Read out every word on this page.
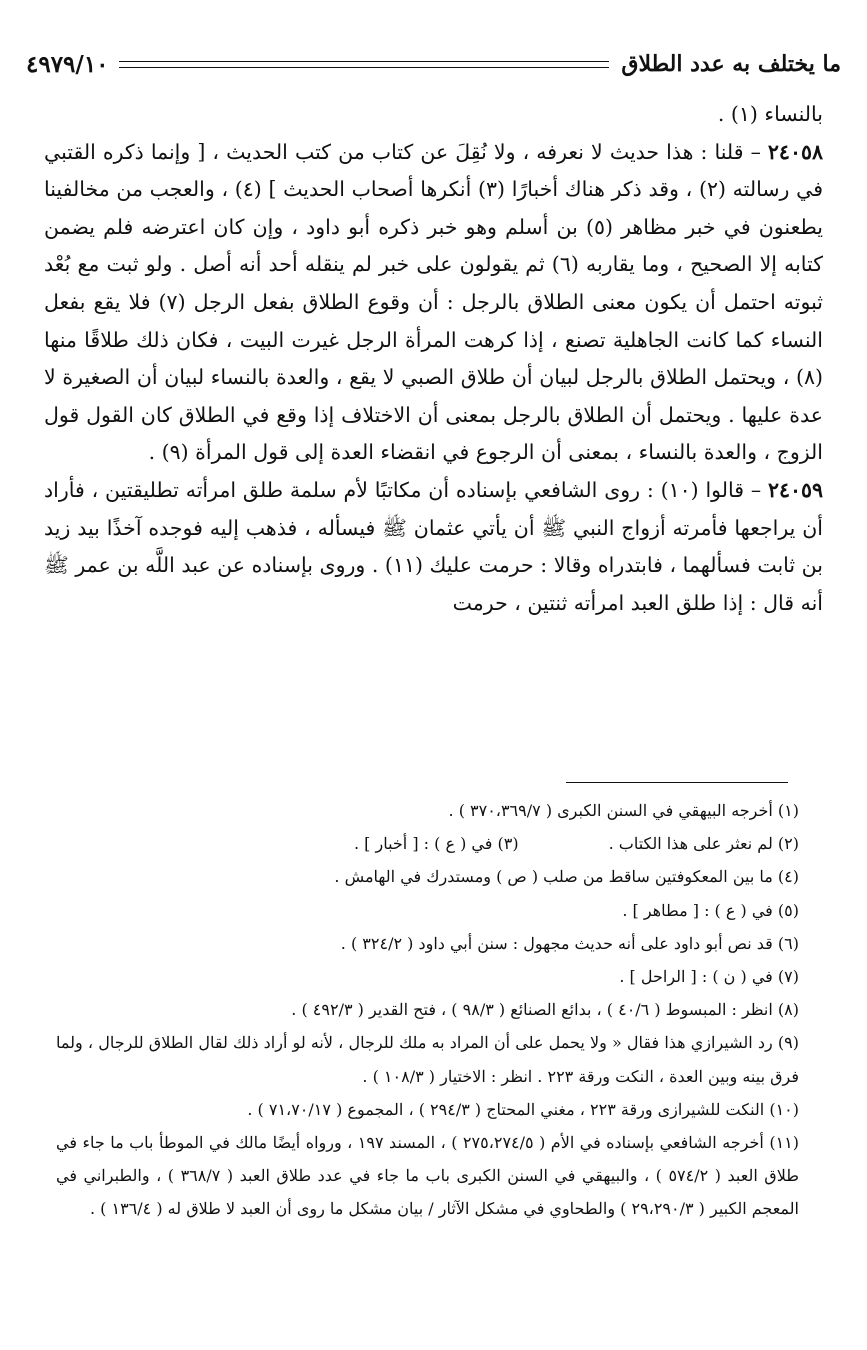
ما يختلف به عدد الطلاق
٤٩٧٩/١٠

بالنساء (١) .

٢٤٠٥٨ – قلنا : هذا حديث لا نعرفه ، ولا نُقِلَ عن كتاب من كتب الحديث ، [ وإنما ذكره القتبي في رسالته (٢) ، وقد ذكر هناك أخبارًا (٣) أنكرها أصحاب الحديث ] (٤) ، والعجب من مخالفينا يطعنون في خبر مظاهر (٥) بن أسلم وهو خبر ذكره أبو داود ، وإن كان اعترضه فلم يضمن كتابه إلا الصحيح ، وما يقاربه (٦) ثم يقولون على خبر لم ينقله أحد أنه أصل . ولو ثبت مع بُعْد ثبوته احتمل أن يكون معنى الطلاق بالرجل : أن وقوع الطلاق بفعل الرجل (٧) فلا يقع بفعل النساء كما كانت الجاهلية تصنع ، إذا كرهت المرأة الرجل غيرت البيت ، فكان ذلك طلاقًا منها (٨) ، ويحتمل الطلاق بالرجل لبيان أن طلاق الصبي لا يقع ، والعدة بالنساء لبيان أن الصغيرة لا عدة عليها . ويحتمل أن الطلاق بالرجل بمعنى أن الاختلاف إذا وقع في الطلاق كان القول قول الزوج ، والعدة بالنساء ، بمعنى أن الرجوع في انقضاء العدة إلى قول المرأة (٩) .

٢٤٠٥٩ – قالوا (١٠) : روى الشافعي بإسناده أن مكاتبًا لأم سلمة طلق امرأته تطليقتين ، فأراد أن يراجعها فأمرته أزواج النبي ﷺ أن يأتي عثمان ﷺ فيسأله ، فذهب إليه فوجده آخذًا بيد زيد بن ثابت فسألهما ، فابتدراه وقالا : حرمت عليك (١١) . وروى بإسناده عن عبد اللَّه بن عمر ﷺ أنه قال : إذا طلق العبد امرأته ثنتين ، حرمت

(١) أخرجه البيهقي في السنن الكبرى ( ٣٧٠،٣٦٩/٧ ) .

(٢) لم نعثر على هذا الكتاب .
(٣) في ( ع ) : [ أخبار ] .

(٤) ما بين المعكوفتين ساقط من صلب ( ص ) ومستدرك في الهامش .

(٥) في ( ع ) : [ مطاهر ] .

(٦) قد نص أبو داود على أنه حديث مجهول : سنن أبي داود ( ٣٢٤/٢ ) .

(٧) في ( ن ) : [ الراحل ] .

(٨) انظر : المبسوط ( ٤٠/٦ ) ، بدائع الصنائع ( ٩٨/٣ ) ، فتح القدير ( ٤٩٢/٣ ) .

(٩) رد الشيرازي هذا فقال « ولا يحمل على أن المراد به ملك للرجال ، لأنه لو أراد ذلك لقال الطلاق للرجال ، ولما فرق بينه وبين العدة ، النكت ورقة ٢٢٣ . انظر : الاختيار ( ١٠٨/٣ ) .

(١٠) النكت للشيرازى ورقة ٢٢٣ ، مغني المحتاج ( ٢٩٤/٣ ) ، المجموع ( ٧١،٧٠/١٧ ) .

(١١) أخرجه الشافعي بإسناده في الأم ( ٢٧٥،٢٧٤/٥ ) ، المسند ١٩٧ ، ورواه أيضًا مالك في الموطأ باب ما جاء في طلاق العبد ( ٥٧٤/٢ ) ، والبيهقي في السنن الكبرى باب ما جاء في عدد طلاق العبد ( ٣٦٨/٧ ) ، والطبراني في المعجم الكبير ( ٢٩،٢٩٠/٣ ) والطحاوي في مشكل الآثار / بيان مشكل ما روى أن العبد لا طلاق له ( ١٣٦/٤ ) .
